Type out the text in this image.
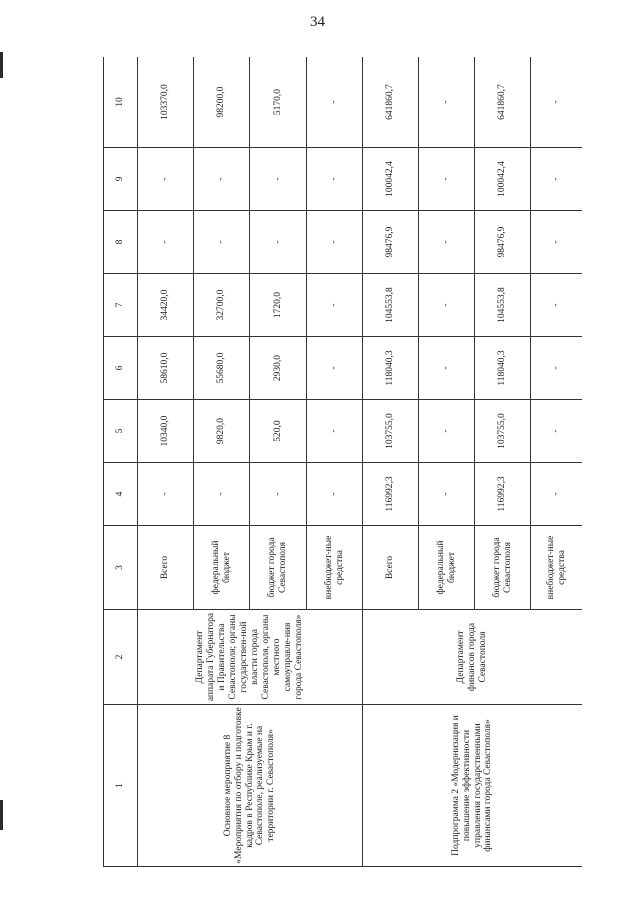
34
1	2	3	4	5	6	7	8	9	10
Основное мероприятие 8 «Мероприятия по отбору и подготовке кадров в Республике Крым и г. Севастополе, реализуемые на территории г. Севастополя»	Департамент аппарата Губернатора и Правительства Севастополя; органы государствен-ной власти города Севастополя, органы местного самоуправле-ния города Севастополя»	Всего	-	10340,0	58610,0	34420,0	-	-	103370,0
		федеральный бюджет	-	9820,0	55680,0	32700,0	-	-	98200,0
		бюджет города Севастополя	-	520,0	2930,0	1720,0	-	-	5170,0
		внебюджет-ные средства	-	-	-	-	-	-	-
Подпрограмма 2 «Модернизация и повышение эффективности управления государственными финансами города Севастополя»	Департамент финансов города Севастополя	Всего	116992,3	103755,0	118040,3	104553,8	98476,9	100042,4	641860,7
		федеральный бюджет	-	-	-	-	-	-	-
		бюджет города Севастополя	116992,3	103755,0	118040,3	104553,8	98476,9	100042,4	641860,7
		внебюджет-ные средства	-	-	-	-	-	-	-
